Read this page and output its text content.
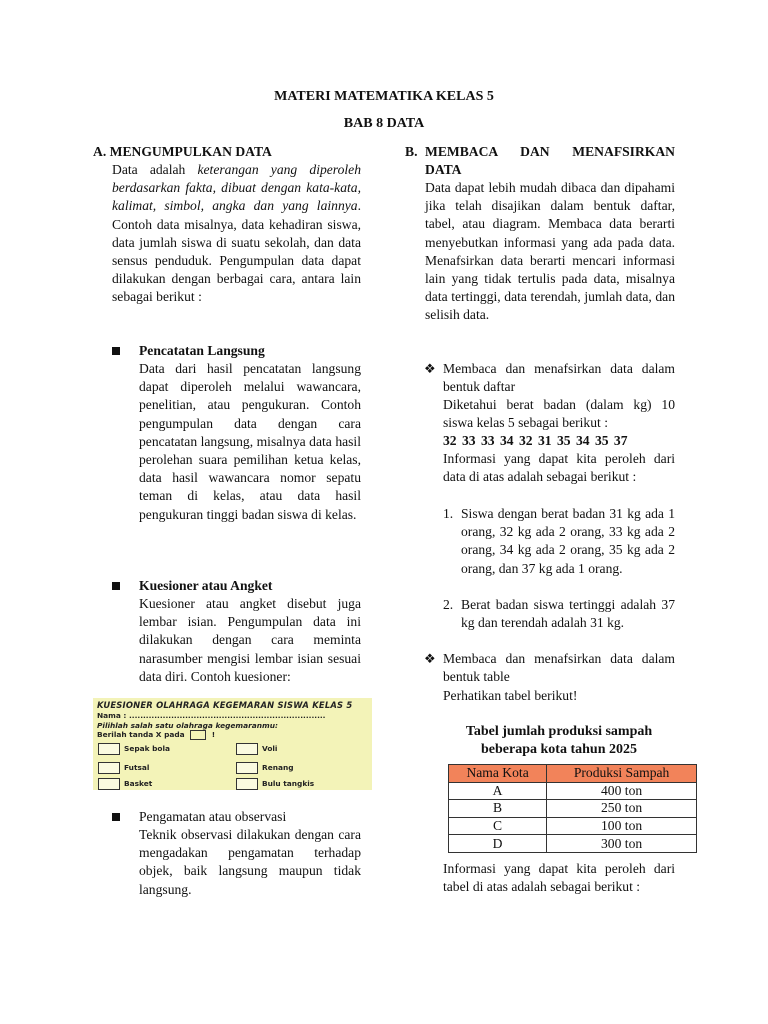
MATERI MATEMATIKA KELAS 5
BAB 8 DATA
A. MENGUMPULKAN DATA

Data adalah keterangan yang diperoleh berdasarkan fakta, dibuat dengan kata-kata, kalimat, simbol, angka dan yang lainnya. Contoh data misalnya, data kehadiran siswa, data jumlah siswa di suatu sekolah, dan data sensus penduduk. Pengumpulan data dapat dilakukan dengan berbagai cara, antara lain sebagai berikut :

Pencatatan Langsung

Data dari hasil pencatatan langsung dapat diperoleh melalui wawancara, penelitian, atau pengukuran. Contoh pengumpulan data dengan cara pencatatan langsung, misalnya data hasil perolehan suara pemilihan ketua kelas, data hasil wawancara nomor sepatu teman di kelas, atau data hasil pengukuran tinggi badan siswa di kelas.

Kuesioner atau Angket

Kuesioner atau angket disebut juga lembar isian. Pengumpulan data ini dilakukan dengan cara meminta narasumber mengisi lembar isian sesuai data diri. Contoh kuesioner:

KUESIONER OLAHRAGA KEGEMARAN SISWA KELAS 5
Nama : ......................................................................
Pilihlah salah satu olahraga kegemaranmu:
Berilah tanda X pada	!
Sepak bola	Voli
Futsal	Renang
Basket	Bulu tangkis
Pengamatan atau observasi

Teknik observasi dilakukan dengan cara mengadakan pengamatan terhadap objek, baik langsung maupun tidak langsung.

B. MEMBACA DAN MENAFSIRKAN DATA

Data dapat lebih mudah dibaca dan dipahami jika telah disajikan dalam bentuk daftar, tabel, atau diagram. Membaca data berarti menyebutkan informasi yang ada pada data. Menafsirkan data berarti mencari informasi lain yang tidak tertulis pada data, misalnya data tertinggi, data terendah, jumlah data, dan selisih data.

❖ Membaca dan menafsirkan data dalam bentuk daftar

Diketahui berat badan (dalam kg) 10 siswa kelas 5 sebagai berikut :

32 33 33 34 32 31 35 34 35 37

Informasi yang dapat kita peroleh dari data di atas adalah sebagai berikut :

1. Siswa dengan berat badan 31 kg ada 1 orang, 32 kg ada 2 orang, 33 kg ada 2 orang, 34 kg ada 2 orang, 35 kg ada 2 orang, dan 37 kg ada 1 orang.

2. Berat badan siswa tertinggi adalah 37 kg dan terendah adalah 31 kg.

❖ Membaca dan menafsirkan data dalam bentuk table

Perhatikan tabel berikut!
Tabel jumlah produksi sampah
beberapa kota tahun 2025
Nama Kota	Produksi Sampah
A	400 ton
B	250 ton
C	100 ton
D	300 ton

Informasi yang dapat kita peroleh dari tabel di atas adalah sebagai berikut :
